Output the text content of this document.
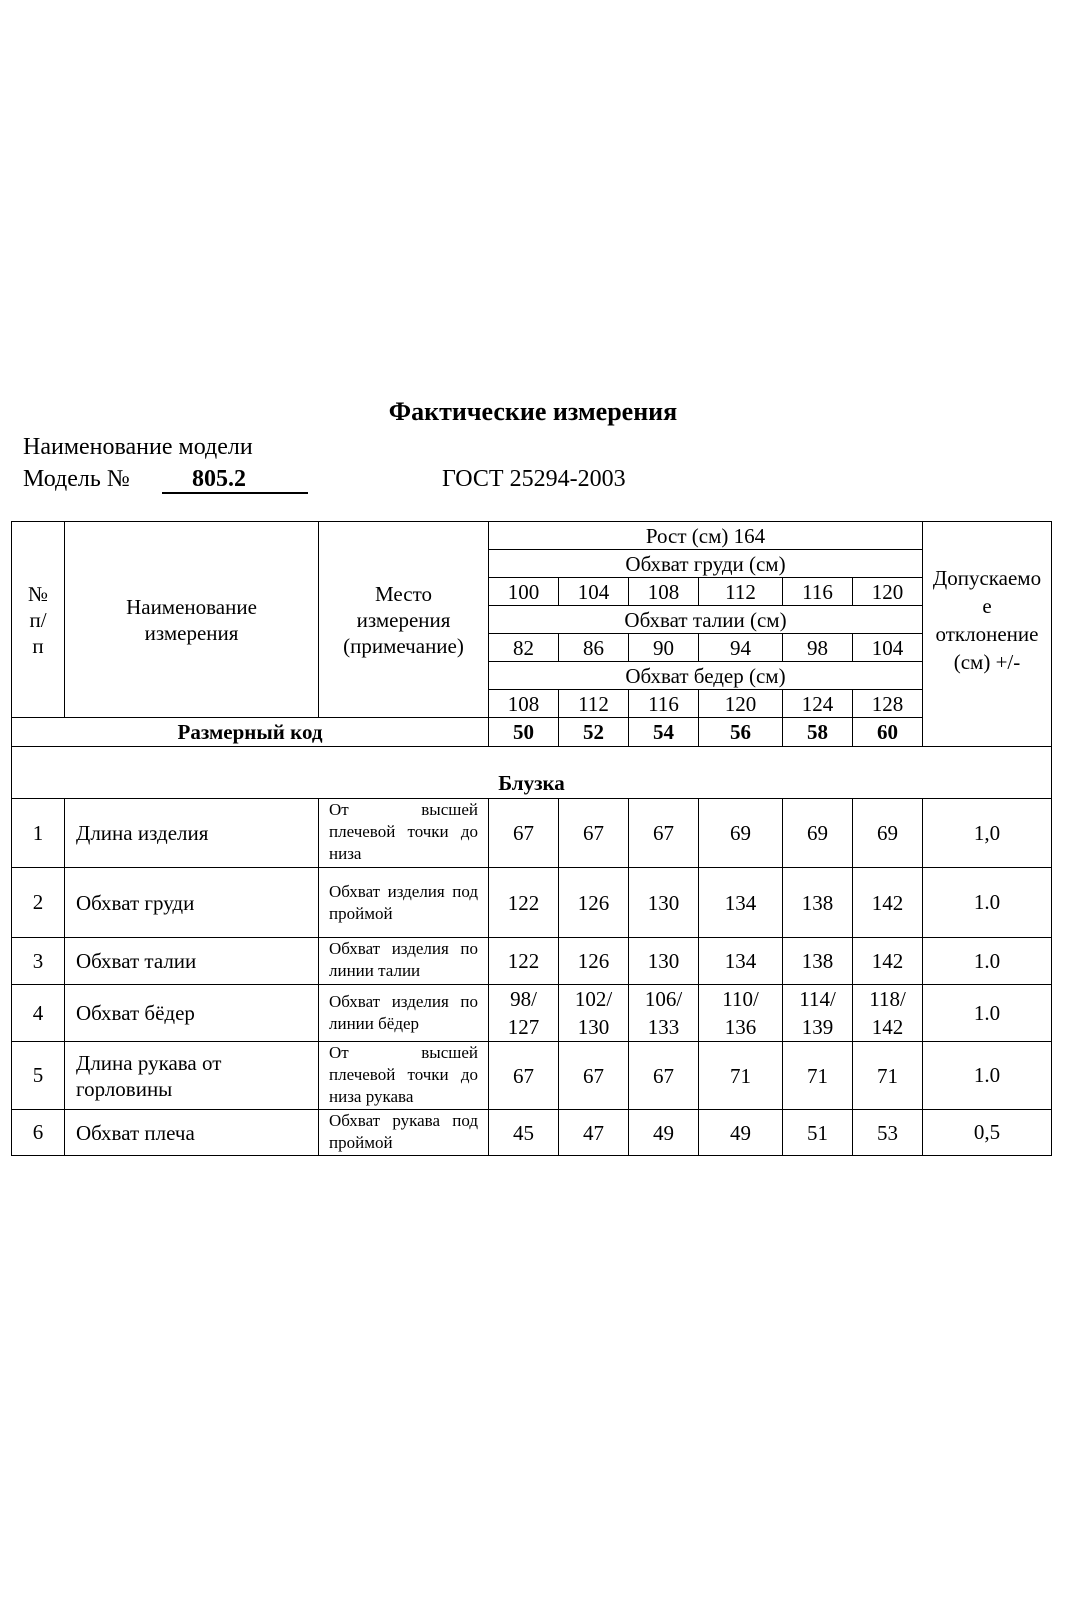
Фактические измерения
Наименование модели
Модель №	805.2	ГОСТ 25294-2003
№ п/ п	Наименование измерения	Место измерения (примечание)	Рост (см) 164						Допускаемо е отклонение (см) +/-

			Обхват груди (см)						
			100	104	108	112	116	120	
			Обхват талии (см)						
			82	86	90	94	98	104	
			Обхват бедер (см)						
			108	112	116	120	124	128	
Размерный код			50	52	54	56	58	60	
Блузка									
1	Длина изделия	От высшей плечевой точки до низа	67	67	67	69	69	69	1,0
2	Обхват груди	Обхват изделия под проймой	122	126	130	134	138	142	1.0
3	Обхват талии	Обхват изделия по линии талии	122	126	130	134	138	142	1.0
4	Обхват бёдер	Обхват изделия по линии бёдер	98/ 127	102/ 130	106/ 133	110/ 136	114/ 139	118/ 142	1.0
5	Длина рукава от горловины	От высшей плечевой точки до низа рукава	67	67	67	71	71	71	1.0
6	Обхват плеча	Обхват рукава под проймой	45	47	49	49	51	53	0,5
